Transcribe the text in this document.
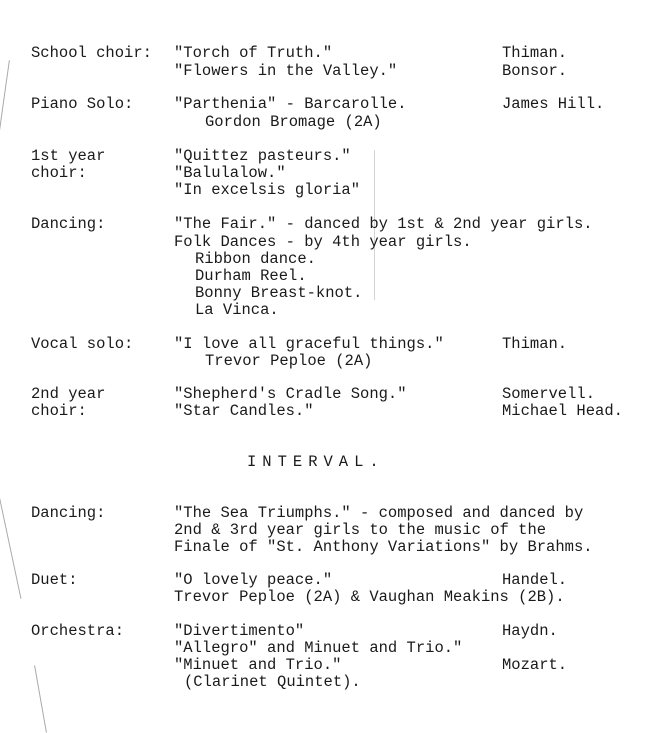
School choir: "Torch of Truth."	Thiman.
"Flowers in the Valley."	Bonsor.
Piano Solo:	"Parthenia" - Barcarolle.	James Hill.
Gordon Bromage (2A)
1st year
choir:
"Quittez pasteurs."
"Balulalow."
"In excelsis gloria"
Dancing:	"The Fair." - danced by 1st & 2nd year girls.
Folk Dances - by 4th year girls.
Ribbon dance.
Durham Reel.
Bonny Breast-knot.
La Vinca.
Vocal solo:	"I love all graceful things."	Thiman.
Trevor Peploe (2A)
2nd year
choir:
"Shepherd's Cradle Song."	Somervell.
"Star Candles."	Michael Head.
INTERVAL.
Dancing:	"The Sea Triumphs." - composed and danced by
2nd & 3rd year girls to the music of the
Finale of "St. Anthony Variations" by Brahms.
Duet:	"O lovely peace."	Handel.
Trevor Peploe (2A) & Vaughan Meakins (2B).
Orchestra:	"Divertimento"	Haydn.
"Allegro" and Minuet and Trio."
"Minuet and Trio."	Mozart.
(Clarinet Quintet).
